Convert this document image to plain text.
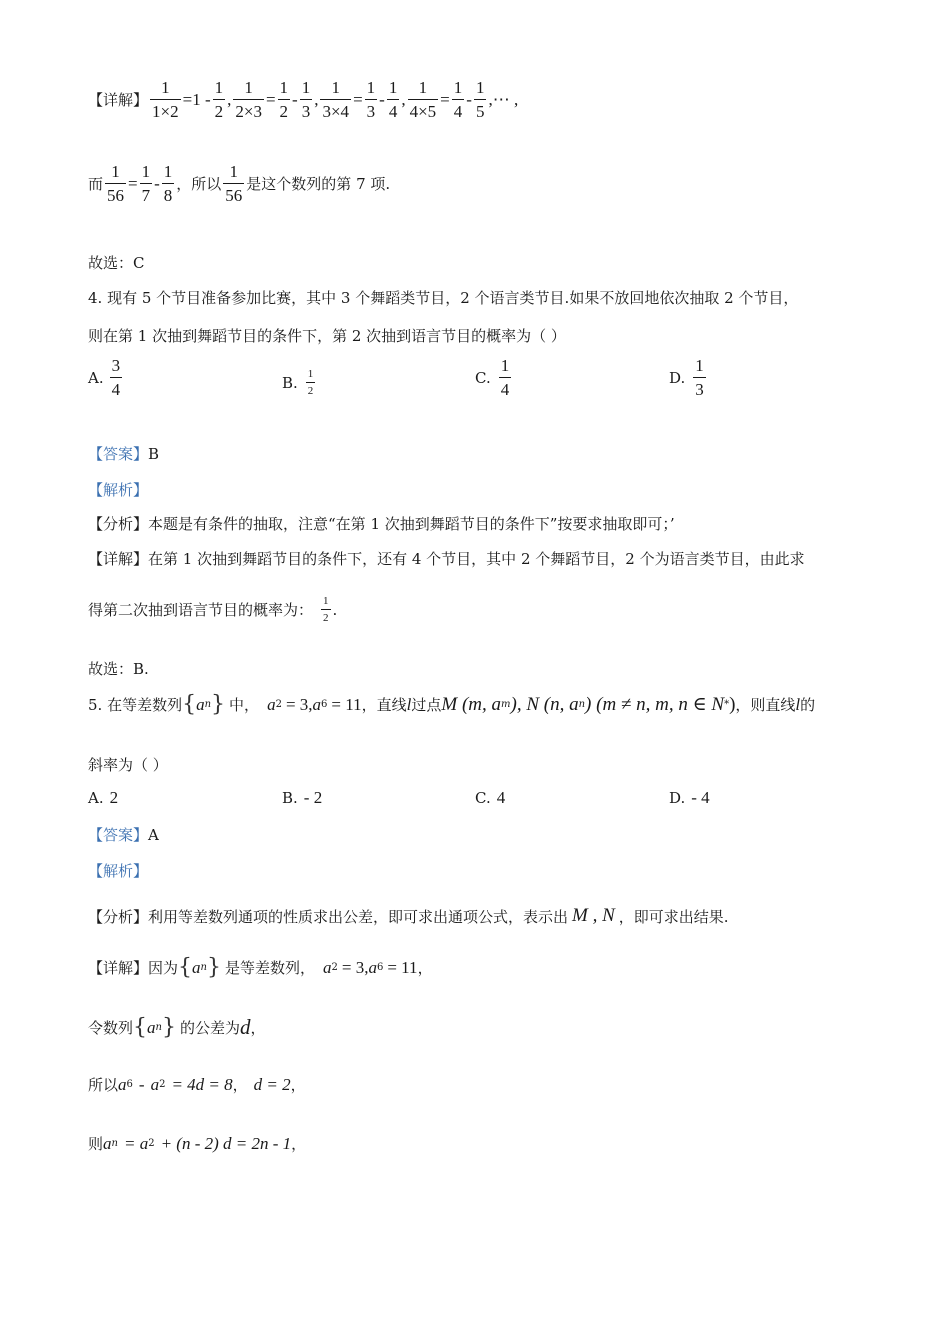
【详解】 $\frac{1}{1\times 2} =1 - \frac{1}{2}$ , $\frac{1}{2\times 3} = \frac{1}{2} - \frac{1}{3}$ , $\frac{1}{3\times 4} = \frac{1}{3} - \frac{1}{4}$ , $\frac{1}{4\times 5} = \frac{1}{4} - \frac{1}{5}$ ,⋯ ,
而 $\frac{1}{56} = \frac{1}{7} - \frac{1}{8}$ ，所以 $\frac{1}{56}$ 是这个数列的第 7 项.
故选：C
4. 现有 5 个节目准备参加比赛，其中 3 个舞蹈类节目，2 个语言类节目.如果不放回地依次抽取 2 个节目，
则在第 1 次抽到舞蹈节目的条件下，第 2 次抽到语言节目的概率为（ ）
A. $\frac{3}{4}$	B. $\frac{1}{2}$	C. $\frac{1}{4}$	D. $\frac{1}{3}$
【答案】 B
【解析】
【分析】 本题是有条件的抽取，注意“在第 1 次抽到舞蹈节目的条件下”按要求抽取即可；’
【详解】 在第 1 次抽到舞蹈节目的条件下，还有 4 个节目，其中 2 个舞蹈节目，2 个为语言类节目，由此求
得第二次抽到语言节目的概率为： $\frac{1}{2}$ .
故选：B.
5. 在等差数列 { a n } 中， a 2 = 3, a 6 = 11 ，直线 l 过点 M (m, a m ), N (n, a n ) (m ≠ n, m, n ∈ N * ) ，则直线 l 的
斜率为（ ）
A. 2	B. - 2	C. 4	D. - 4
【答案】 A
【解析】
【分析】 利用等差数列通项的性质求出公差，即可求出通项公式，表示出 M , N ，即可求出结果.
【详解】 因为 { a n } 是等差数列， a 2 = 3, a 6 = 11 ，
令数列 { a n } 的公差为 d ，
所以 a 6 - a 2 = 4d = 8 ， d = 2 ，
则 a n = a 2 + (n - 2) d = 2n - 1 ，
